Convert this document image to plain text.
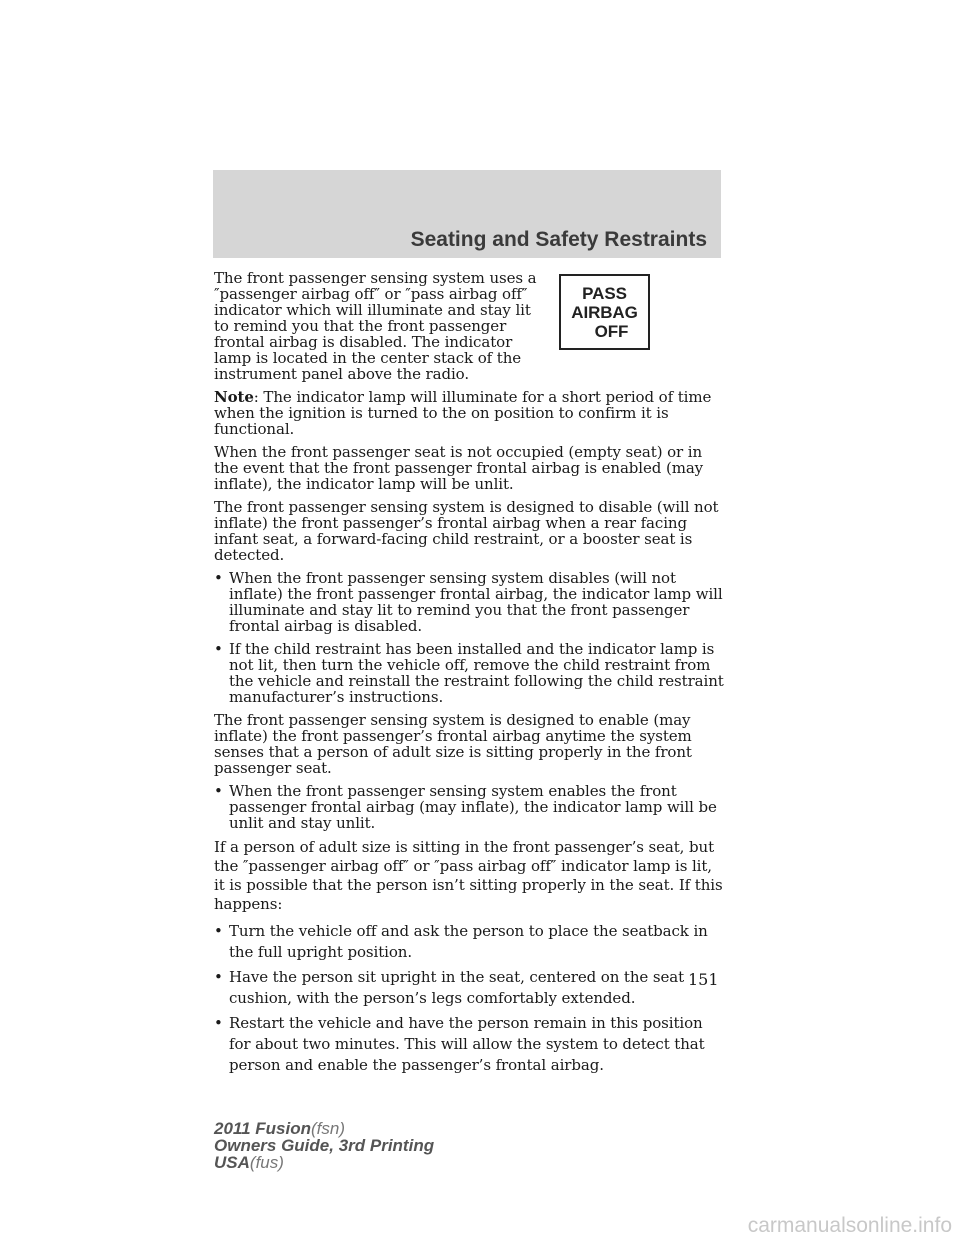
Seating and Safety Restraints
PASS
AIRBAG
OFF

The front passenger sensing system uses a ″passenger airbag off″ or ″pass airbag off″ indicator which will illuminate and stay lit to remind you that the front passenger frontal airbag is disabled. The indicator lamp is located in the center stack of the instrument panel above the radio.

Note: The indicator lamp will illuminate for a short period of time when the ignition is turned to the on position to confirm it is functional.

When the front passenger seat is not occupied (empty seat) or in the event that the front passenger frontal airbag is enabled (may inflate), the indicator lamp will be unlit.

The front passenger sensing system is designed to disable (will not inflate) the front passenger’s frontal airbag when a rear facing infant seat, a forward-facing child restraint, or a booster seat is detected.

• When the front passenger sensing system disables (will not inflate) the front passenger frontal airbag, the indicator lamp will illuminate and stay lit to remind you that the front passenger frontal airbag is disabled.
• If the child restraint has been installed and the indicator lamp is not lit, then turn the vehicle off, remove the child restraint from the vehicle and reinstall the restraint following the child restraint manufacturer’s instructions.

The front passenger sensing system is designed to enable (may inflate) the front passenger’s frontal airbag anytime the system senses that a person of adult size is sitting properly in the front passenger seat.

• When the front passenger sensing system enables the front passenger frontal airbag (may inflate), the indicator lamp will be unlit and stay unlit.

If a person of adult size is sitting in the front passenger’s seat, but the ″passenger airbag off″ or ″pass airbag off″ indicator lamp is lit, it is possible that the person isn’t sitting properly in the seat. If this happens:

• Turn the vehicle off and ask the person to place the seatback in the full upright position.
• Have the person sit upright in the seat, centered on the seat cushion, with the person’s legs comfortably extended.
• Restart the vehicle and have the person remain in this position for about two minutes. This will allow the system to detect that person and enable the passenger’s frontal airbag.
151
2011 Fusion(fsn)
Owners Guide, 3rd Printing
USA(fus)
carmanualsonline.info
